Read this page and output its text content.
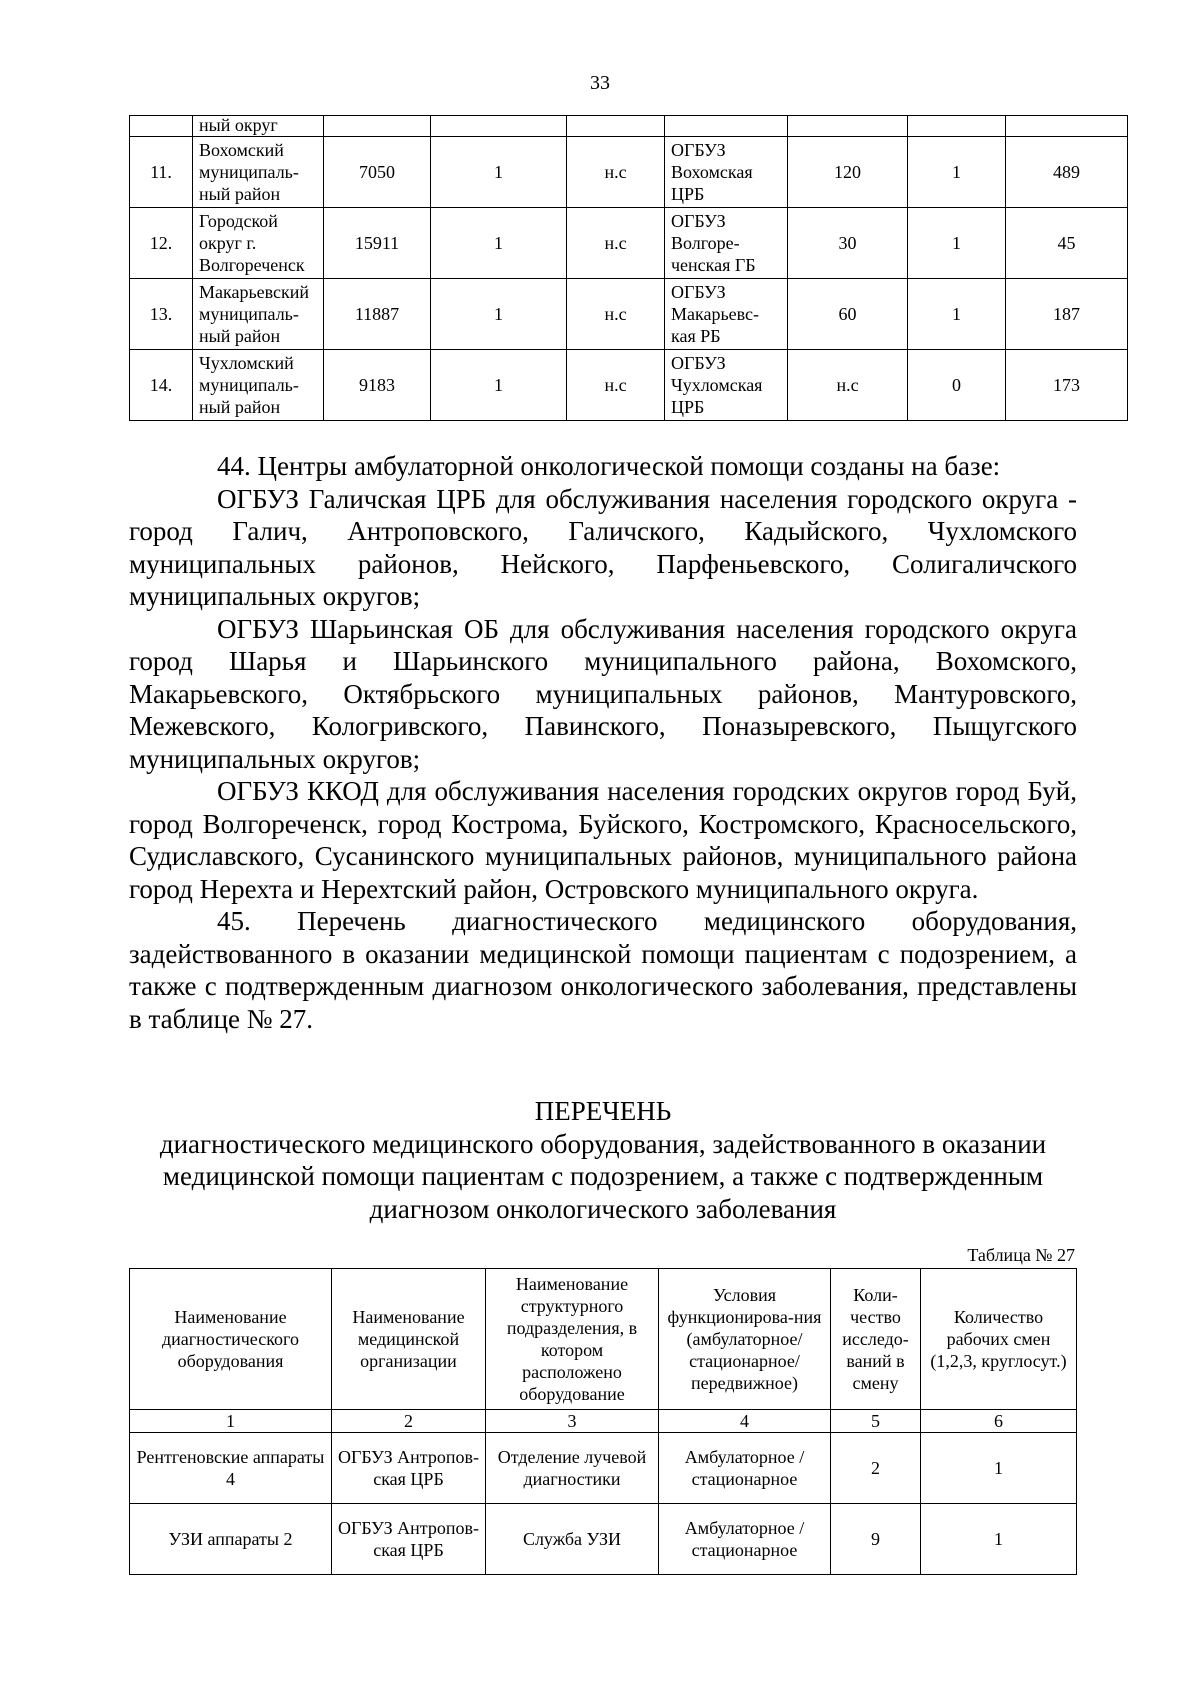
33
	ный округ							
11.	Вохомский муниципаль-ный район	7050	1	н.с	ОГБУЗ Вохомская ЦРБ	120	1	489
12.	Городской округ г. Волгореченск	15911	1	н.с	ОГБУЗ Волгоре-ченская ГБ	30	1	45
13.	Макарьевский муниципаль-ный район	11887	1	н.с	ОГБУЗ Макарьевс-кая РБ	60	1	187
14.	Чухломский муниципаль-ный район	9183	1	н.с	ОГБУЗ Чухломская ЦРБ	н.с	0	173

44. Центры амбулаторной онкологической помощи созданы на базе:

ОГБУЗ Галичская ЦРБ для обслуживания населения городского округа - город Галич, Антроповского, Галичского, Кадыйского, Чухломского муниципальных районов, Нейского, Парфеньевского, Солигаличского муниципальных округов;

ОГБУЗ Шарьинская ОБ для обслуживания населения городского округа город Шарья и Шарьинского муниципального района, Вохомского, Макарьевского, Октябрьского муниципальных районов, Мантуровского, Межевского, Кологривского, Павинского, Поназыревского, Пыщугского муниципальных округов;

ОГБУЗ ККОД для обслуживания населения городских округов город Буй, город Волгореченск, город Кострома, Буйского, Костромского, Красносельского, Судиславского, Сусанинского муниципальных районов, муниципального района город Нерехта и Нерехтский район, Островского муниципального округа.

45. Перечень диагностического медицинского оборудования, задействованного в оказании медицинской помощи пациентам с подозрением, а также с подтвержденным диагнозом онкологического заболевания, представлены в таблице № 27.

ПЕРЕЧЕНЬ

диагностического медицинского оборудования, задействованного в оказании медицинской помощи пациентам с подозрением, а также с подтвержденным диагнозом онкологического заболевания

Таблица № 27
Наименование диагностического оборудования	Наименование медицинской организации	Наименование структурного подразделения, в котором расположено оборудование	Условия функционирова-ния (амбулаторное/ стационарное/ передвижное)	Коли-чество исследо-ваний в смену	Количество рабочих смен (1,2,3, круглосут.)
1	2	3	4	5	6
Рентгеновские аппараты 4	ОГБУЗ Антропов-ская ЦРБ	Отделение лучевой диагностики	Амбулаторное /стационарное	2	1
УЗИ аппараты 2	ОГБУЗ Антропов-ская ЦРБ	Служба УЗИ	Амбулаторное /стационарное	9	1
